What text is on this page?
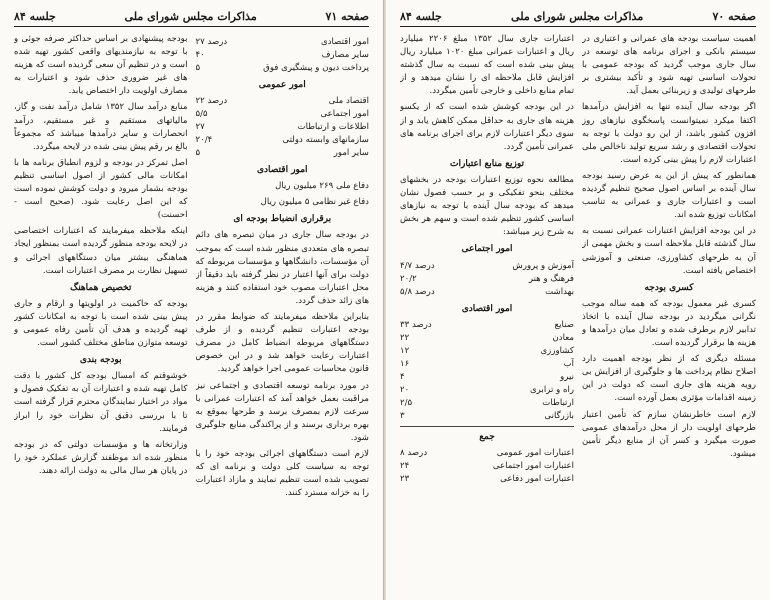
صفحه ۷۱
مذاکرات مجلس شورای ملی
جلسه ۸۴
امور اقتصادی
۲۷ درصد
سایر مصارف
۴۰
پرداخت دیون و پیشگیری فوق
۵
امور عمومی
اقتصاد ملی
۲۲ درصد
امور اجتماعی
۵/۵
اطلاعات و ارتباطات
۲۷
سازمانهای وابسته دولتی
۲۰/۴
سایر امور
۵
امور اقتصادی

دفاع ملی ۲۶۹ میلیون ریال

دفاع غیر نظامی ۵ میلیون ریال

برقراری انضباط بودجه ای

در بودجه سال جاری در میان تبصره های دائم تبصره های متعددی منظور شده است که بموجب آن مؤسسات، دانشگاهها و مؤسسات مربوطه که دولت برای آنها اعتبار در نظر گرفته باید دقیقاً از محل اعتبارات مصوب خود استفاده کنند و هزینه های زائد حذف گردد.

بنابراین ملاحظه میفرمایند که ضوابط مقرر در بودجه اعتبارات تنظیم گردیده و از طرف دستگاههای مربوطه انضباط کامل در مصرف اعتبارات رعایت خواهد شد و در این خصوص قانون محاسبات عمومی اجرا خواهد گردید.

در مورد برنامه توسعه اقتصادی و اجتماعی نیز مراقبت بعمل خواهد آمد که اعتبارات عمرانی با سرعت لازم بمصرف برسد و طرحها بموقع به بهره برداری برسند و از پراکندگی منابع جلوگیری شود.

لازم است دستگاههای اجرائی بودجه خود را با توجه به سیاست کلی دولت و برنامه ای که تصویب شده است تنظیم نمایند و مازاد اعتبارات را به خزانه مسترد کنند.

بودجه پیشنهادی بر اساس حداکثر صرفه جوئی و با توجه به نیازمندیهای واقعی کشور تهیه شده است و در تنظیم آن سعی گردیده است که هزینه های غیر ضروری حذف شود و اعتبارات به مصارف اولویت دار اختصاص یابد.

منابع درآمد سال ۱۳۵۲ شامل درآمد نفت و گاز، مالیاتهای مستقیم و غیر مستقیم، درآمد انحصارات و سایر درآمدها میباشد که مجموعاً بالغ بر رقم پیش بینی شده در لایحه میگردد.

اصل تمرکز در بودجه و لزوم انطباق برنامه ها با امکانات مالی کشور از اصول اساسی تنظیم بودجه بشمار میرود و دولت کوشش نموده است که این اصل رعایت شود. (صحیح است - احسنت)

اینکه ملاحظه میفرمایند که اعتبارات اختصاصی در لایحه بودجه منظور گردیده است بمنظور ایجاد هماهنگی بیشتر میان دستگاههای اجرائی و تسهیل نظارت بر مصرف اعتبارات است.

تخصیص هماهنگ

بودجه که حاکمیت در اولویتها و ارقام و جاری پیش بینی شده است با توجه به امکانات کشور تهیه گردیده و هدف آن تأمین رفاه عمومی و توسعه متوازن مناطق مختلف کشور است.

بودجه بندی

خوشوقتم که امسال بودجه کل کشور با دقت کامل تهیه شده و اعتبارات آن به تفکیک فصول و مواد در اختیار نمایندگان محترم قرار گرفته است تا با بررسی دقیق آن نظرات خود را ابراز فرمایند.

وزارتخانه ها و مؤسسات دولتی که در بودجه منظور شده اند موظفند گزارش عملکرد خود را در پایان هر سال مالی به دولت ارائه دهند.

صفحه ۷۰
مذاکرات مجلس شورای ملی
جلسه ۸۴

اهمیت سیاست بودجه های عمرانی و اعتباری در سیستم بانکی و اجرای برنامه های توسعه در سال جاری موجب گردید که بودجه عمومی با تحولات اساسی تهیه شود و تأکید بیشتری بر طرحهای تولیدی و زیربنائی بعمل آید.

اگر بودجه سال آینده تنها به افزایش درآمدها اکتفا میکرد نمیتوانست پاسخگوی نیازهای روز افزون کشور باشد، از این رو دولت با توجه به تحولات اقتصادی و رشد سریع تولید ناخالص ملی اعتبارات لازم را پیش بینی کرده است.

همانطور که پیش از این به عرض رسید بودجه سال آینده بر اساس اصول صحیح تنظیم گردیده است و اعتبارات جاری و عمرانی به تناسب امکانات توزیع شده اند.

در این بودجه افزایش اعتبارات عمرانی نسبت به سال گذشته قابل ملاحظه است و بخش مهمی از آن به طرحهای کشاورزی، صنعتی و آموزشی اختصاص یافته است.

کسری بودجه

کسری غیر معمول بودجه که همه ساله موجب نگرانی میگردید در بودجه سال آینده با اتخاذ تدابیر لازم برطرف شده و تعادل میان درآمدها و هزینه ها برقرار گردیده است.

مسئله دیگری که از نظر بودجه اهمیت دارد اصلاح نظام پرداخت ها و جلوگیری از افزایش بی رویه هزینه های جاری است که دولت در این زمینه اقدامات مؤثری بعمل آورده است.

لازم است خاطرنشان سازم که تأمین اعتبار طرحهای اولویت دار از محل درآمدهای عمومی صورت میگیرد و کسر آن از منابع دیگر تأمین میشود.

اعتبارات جاری سال ۱۳۵۲ مبلغ ۲۲۰۶ میلیارد ریال و اعتبارات عمرانی مبلغ ۱۰۲۰ میلیارد ریال پیش بینی شده است که نسبت به سال گذشته افزایش قابل ملاحظه ای را نشان میدهد و از تمام منابع داخلی و خارجی تأمین میگردد.

در این بودجه کوشش شده است که از یکسو هزینه های جاری به حداقل ممکن کاهش یابد و از سوی دیگر اعتبارات لازم برای اجرای برنامه های عمرانی تأمین گردد.

توزیع منابع اعتبارات

مطالعه نحوه توزیع اعتبارات بودجه در بخشهای مختلف بنحو تفکیکی و بر حسب فصول نشان میدهد که بودجه سال آینده با توجه به نیازهای اساسی کشور تنظیم شده است و سهم هر بخش به شرح زیر میباشد:

امور اجتماعی
آموزش و پرورش
۴/۷ درصد
فرهنگ و هنر
۲۰/۲
بهداشت
۵/۸ درصد
امور اقتصادی
صنایع
۳۳ درصد
معادن
۲۲
کشاورزی
۱۲
آب
۱۶
نیرو
۴
راه و ترابری
۲۰
ارتباطات
۲/۵
بازرگانی
۳
جمع
اعتبارات امور عمومی
۸ درصد
اعتبارات امور اجتماعی
۲۴
اعتبارات امور دفاعی
۲۳
